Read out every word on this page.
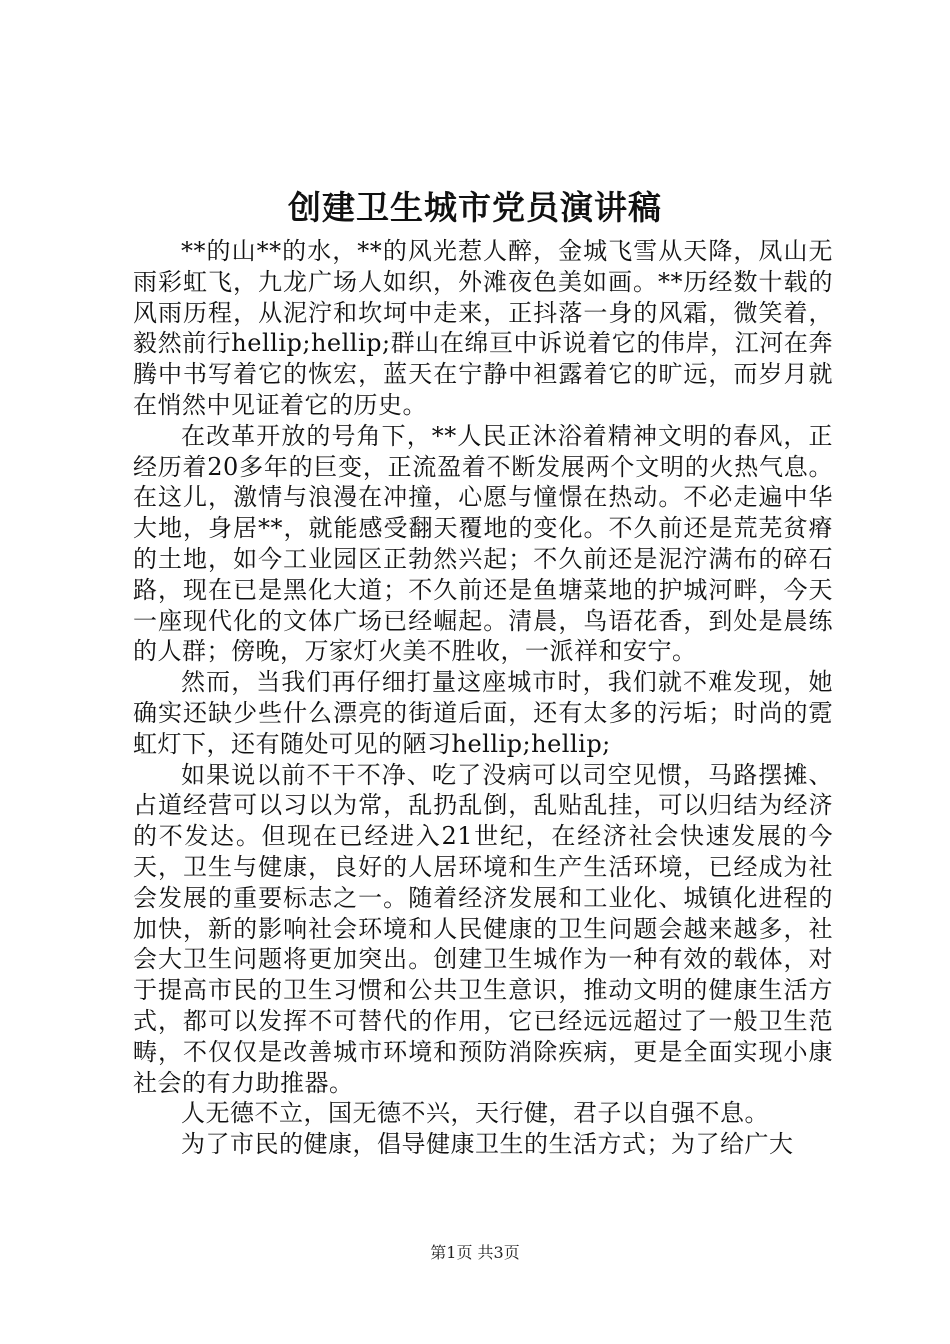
创建卫生城市党员演讲稿

**的山**的水，**的风光惹人醉，金城飞雪从天降，凤山无雨彩虹飞，九龙广场人如织，外滩夜色美如画。**历经数十载的风雨历程，从泥泞和坎坷中走来，正抖落一身的风霜，微笑着，毅然前行hellip;hellip;群山在绵亘中诉说着它的伟岸，江河在奔腾中书写着它的恢宏，蓝天在宁静中袒露着它的旷远，而岁月就在悄然中见证着它的历史。

在改革开放的号角下，**人民正沐浴着精神文明的春风，正经历着20多年的巨变，正流盈着不断发展两个文明的火热气息。在这儿，激情与浪漫在冲撞，心愿与憧憬在热动。不必走遍中华大地，身居**，就能感受翻天覆地的变化。不久前还是荒芜贫瘠的土地，如今工业园区正勃然兴起；不久前还是泥泞满布的碎石路，现在已是黑化大道；不久前还是鱼塘菜地的护城河畔，今天一座现代化的文体广场已经崛起。清晨，鸟语花香，到处是晨练的人群；傍晚，万家灯火美不胜收，一派祥和安宁。

然而，当我们再仔细打量这座城市时，我们就不难发现，她确实还缺少些什么漂亮的街道后面，还有太多的污垢；时尚的霓虹灯下，还有随处可见的陋习hellip;hellip;

如果说以前不干不净、吃了没病可以司空见惯，马路摆摊、占道经营可以习以为常，乱扔乱倒，乱贴乱挂，可以归结为经济的不发达。但现在已经进入21世纪，在经济社会快速发展的今天，卫生与健康，良好的人居环境和生产生活环境，已经成为社会发展的重要标志之一。随着经济发展和工业化、城镇化进程的加快，新的影响社会环境和人民健康的卫生问题会越来越多，社会大卫生问题将更加突出。创建卫生城作为一种有效的载体，对于提高市民的卫生习惯和公共卫生意识，推动文明的健康生活方式，都可以发挥不可替代的作用，它已经远远超过了一般卫生范畴，不仅仅是改善城市环境和预防消除疾病，更是全面实现小康社会的有力助推器。

人无德不立，国无德不兴，天行健，君子以自强不息。

为了市民的健康，倡导健康卫生的生活方式；为了给广大

第1页 共3页
